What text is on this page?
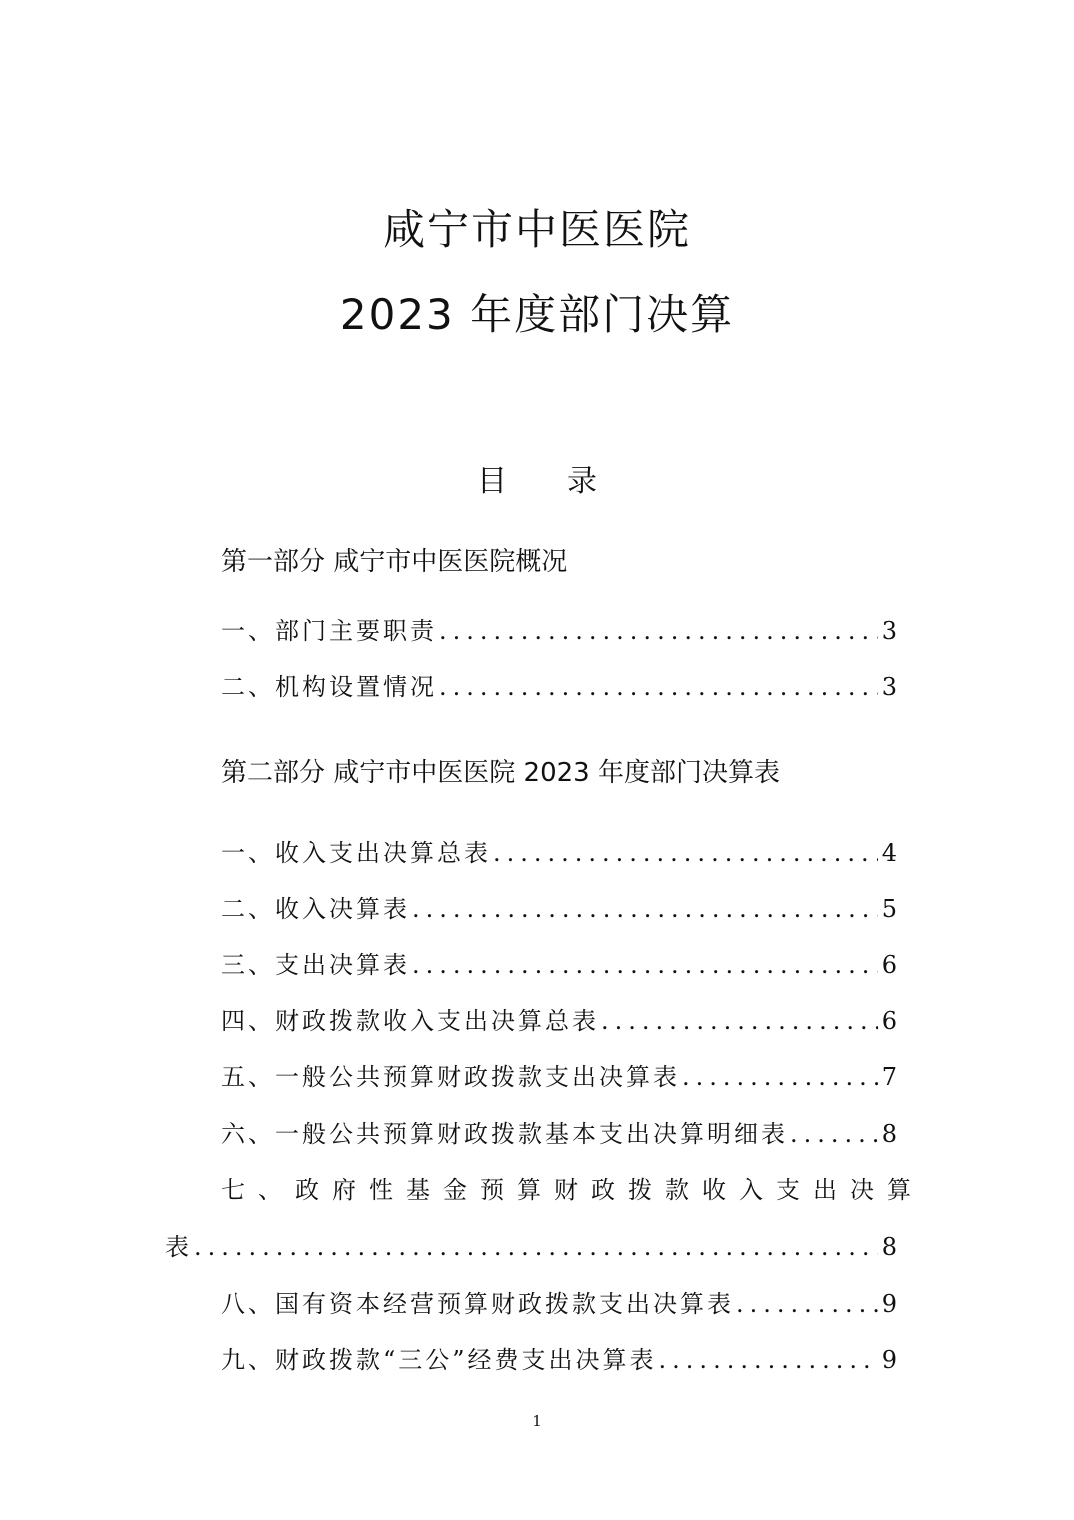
咸宁市中医医院
2023 年度部门决算
目录
第一部分 咸宁市中医医院概况
一、部门主要职责 .....	3
二、机构设置情况 .....	3
第二部分 咸宁市中医医院 2023 年度部门决算表
一、收入支出决算总表 .....	4
二、收入决算表 .....	5
三、支出决算表 .....	6
四、财政拨款收入支出决算总表 .....	6
五、一般公共预算财政拨款支出决算表 .....	7
六、一般公共预算财政拨款基本支出决算明细表 .....	8
七 、 政 府 性 基 金 预 算 财 政 拨 款 收 入 支 出 决 算
表 .....	8
八、国有资本经营预算财政拨款支出决算表 .....	9
九、财政拨款“三公”经费支出决算表 .....	9
1
